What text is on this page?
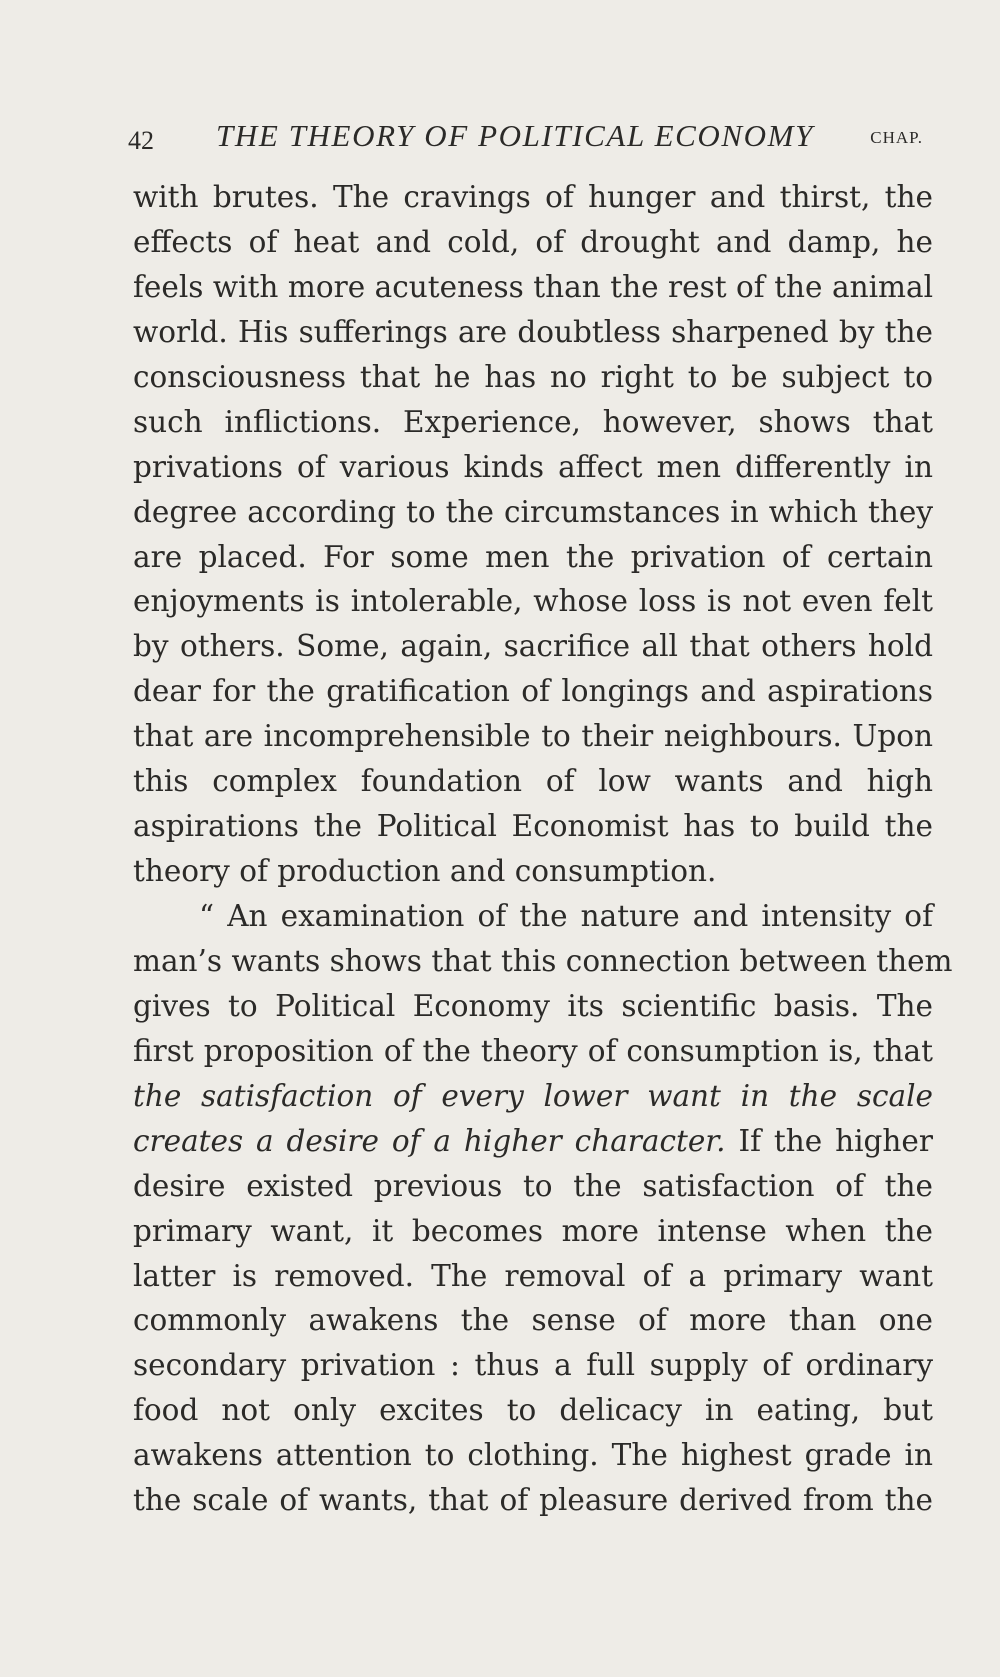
42 THE THEORY OF POLITICAL ECONOMY	CHAP.
with brutes. The cravings of hunger and thirst, the
effects of heat and cold, of drought and damp, he
feels with more acuteness than the rest of the animal
world. His sufferings are doubtless sharpened by the
consciousness that he has no right to be subject to
such inflictions. Experience, however, shows that
privations of various kinds affect men differently in
degree according to the circumstances in which they
are placed. For some men the privation of certain
enjoyments is intolerable, whose loss is not even felt
by others. Some, again, sacrifice all that others hold
dear for the gratification of longings and aspirations
that are incomprehensible to their neighbours. Upon
this complex foundation of low wants and high
aspirations the Political Economist has to build the
theory of production and consumption.
“ An examination of the nature and intensity of
man’s wants shows that this connection between them
gives to Political Economy its scientific basis. The
first proposition of the theory of consumption is, that
the satisfaction of every lower want in the scale
creates a desire of a higher character. If the higher
desire existed previous to the satisfaction of the
primary want, it becomes more intense when the
latter is removed. The removal of a primary want
commonly awakens the sense of more than one
secondary privation : thus a full supply of ordinary
food not only excites to delicacy in eating, but
awakens attention to clothing. The highest grade in
the scale of wants, that of pleasure derived from the
